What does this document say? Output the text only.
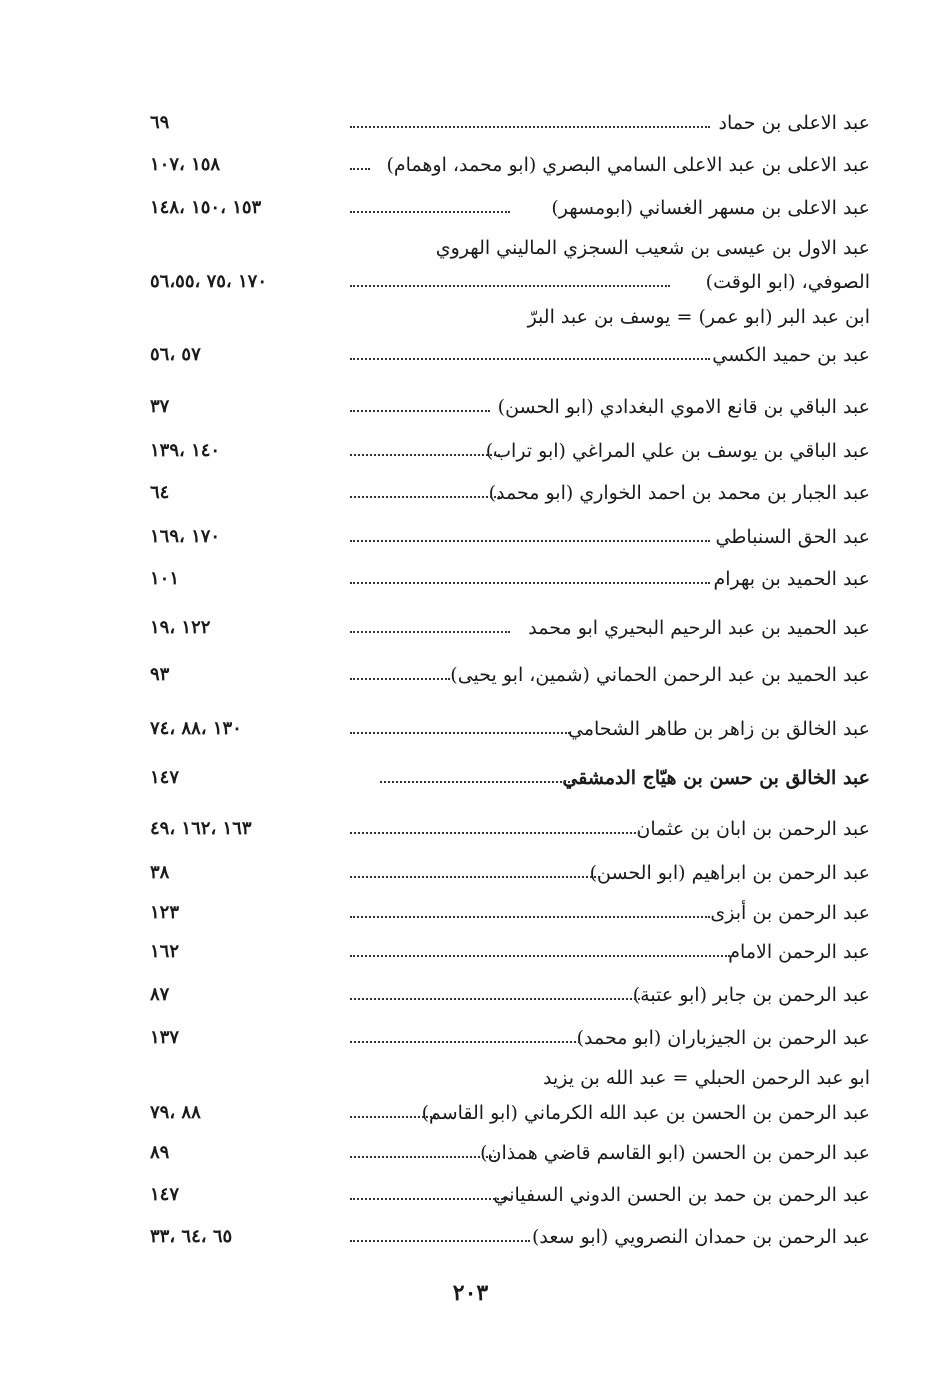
عبد الاعلى بن حماد
٦٩
عبد الاعلى بن عبد الاعلى السامي البصري (ابو محمد، اوهمام)
١٥٨ ،١٠٧
عبد الاعلى بن مسهر الغساني (ابومسهر)
١٥٣ ،١٥٠ ،١٤٨
عبد الاول بن عيسى بن شعيب السجزي الماليني الهروي
الصوفي، (ابو الوقت)
١٧٠ ،٧٥ ،٥٦،٥٥
ابن عبد البر (ابو عمر) = يوسف بن عبد البرّ
عبد بن حميد الكسي
٥٧ ،٥٦
عبد الباقي بن قانع الاموي البغدادي (ابو الحسن)
٣٧
عبد الباقي بن يوسف بن علي المراغي (ابو تراب)
١٤٠ ،١٣٩
عبد الجبار بن محمد بن احمد الخواري (ابو محمد)
٦٤
عبد الحق السنباطي
١٧٠ ،١٦٩
عبد الحميد بن بهرام
١٠١
عبد الحميد بن عبد الرحيم البحيري ابو محمد
١٢٢ ،١٩
عبد الحميد بن عبد الرحمن الحماني (شمين، ابو يحيى)
٩٣
عبد الخالق بن زاهر بن طاهر الشحامي
١٣٠ ،٨٨ ،٧٤
عبد الخالق بن حسن بن هيّاج الدمشقي
١٤٧
عبد الرحمن بن ابان بن عثمان
١٦٣ ،١٦٢ ،٤٩
عبد الرحمن بن ابراهيم (ابو الحسن)
٣٨
عبد الرحمن بن أبزى
١٢٣
عبد الرحمن الامام
١٦٢
عبد الرحمن بن جابر (ابو عتبة)
٨٧
عبد الرحمن بن الجيزباران (ابو محمد)
١٣٧
ابو عبد الرحمن الحبلي = عبد الله بن يزيد
عبد الرحمن بن الحسن بن عبد الله الكرماني (ابو القاسم)
٨٨ ،٧٩
عبد الرحمن بن الحسن (ابو القاسم قاضي همذان)
٨٩
عبد الرحمن بن حمد بن الحسن الدوني السفياني
١٤٧
عبد الرحمن بن حمدان النصرويي (ابو سعد)
٦٥ ،٦٤ ،٣٣
٢٠٣
